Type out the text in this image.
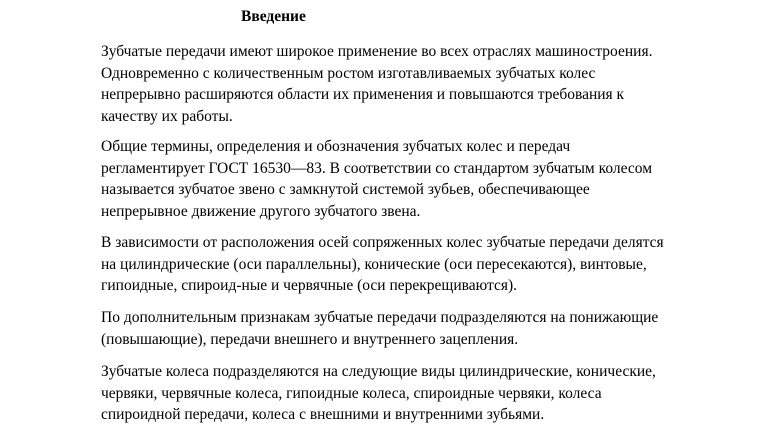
Введение

Зубчатые передачи имеют широкое применение во всех отраслях машиностроения.
Одновременно с количественным ростом изготавливаемых зубчатых колес
непрерывно расширяются области их применения и повышаются требования к
качеству их работы.

Общие термины, определения и обозначения зубчатых колес и передач
регламентирует ГОСТ 16530—83. В соответствии со стандартом зубчатым колесом
называется зубчатое звено с замкнутой системой зубьев, обеспечивающее
непрерывное движение другого зубчатого звена.

В зависимости от расположения осей сопряженных колес зубчатые передачи делятся
на цилиндрические (оси параллельны), конические (оси пересекаются), винтовые,
гипоидные, спироид-ные и червячные (оси перекрещиваются).

По дополнительным признакам зубчатые передачи подразделяются на понижающие
(повышающие), передачи внешнего и внутреннего зацепления.

Зубчатые колеса подразделяются на следующие виды цилиндрические, конические,
червяки, червячные колеса, гипоидные колеса, спироидные червяки, колеса
спироидной передачи, колеса с внешними и внутренними зубьями.
